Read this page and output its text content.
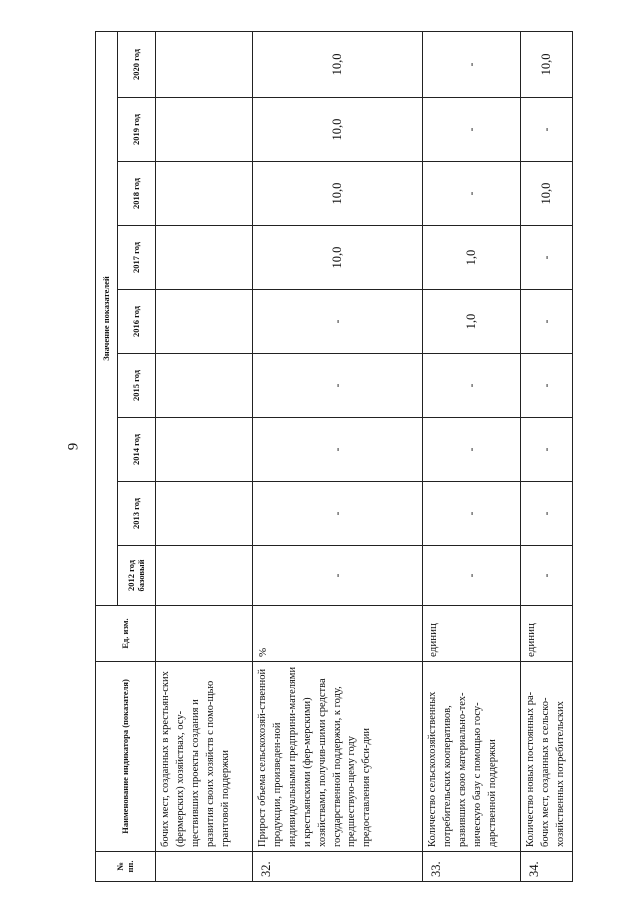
9
№ пп.	Наименование индикатора (показателя)	Ед. изм.	Значение показателей								
			2012 год базовый	2013 год	2014 год	2015 год	2016 год	2017 год	2018 год	2019 год	2020 год
	бочих мест, созданных в крестьян-ских (фермерских) хозяйствах, осу-ществивших проекты создания и развития своих хозяйств с помо-щью грантовой поддержки										
32.	Прирост объема сельскохозяй-ственной продукции, произведен-ной индивидуальными предприни-мателями и крестьянскими (фер-мерскими) хозяйствами, получив-шими средства государственной поддержки, к году, предшествую-щему году предоставления субси-дии	%	-	-	-	-	-	10,0	10,0	10,0	10,0
33.	Количество сельскохозяйственных потребительских кооперативов, развивших свою материально-тех-ническую базу с помощью госу-дарственной поддержки	единиц	-	-	-	-	1,0	1,0	-	-	-
34.	Количество новых постоянных ра-бочих мест, созданных в сельско-хозяйственных потребительских	единиц	-	-	-	-	-	-	10,0	-	10,0
